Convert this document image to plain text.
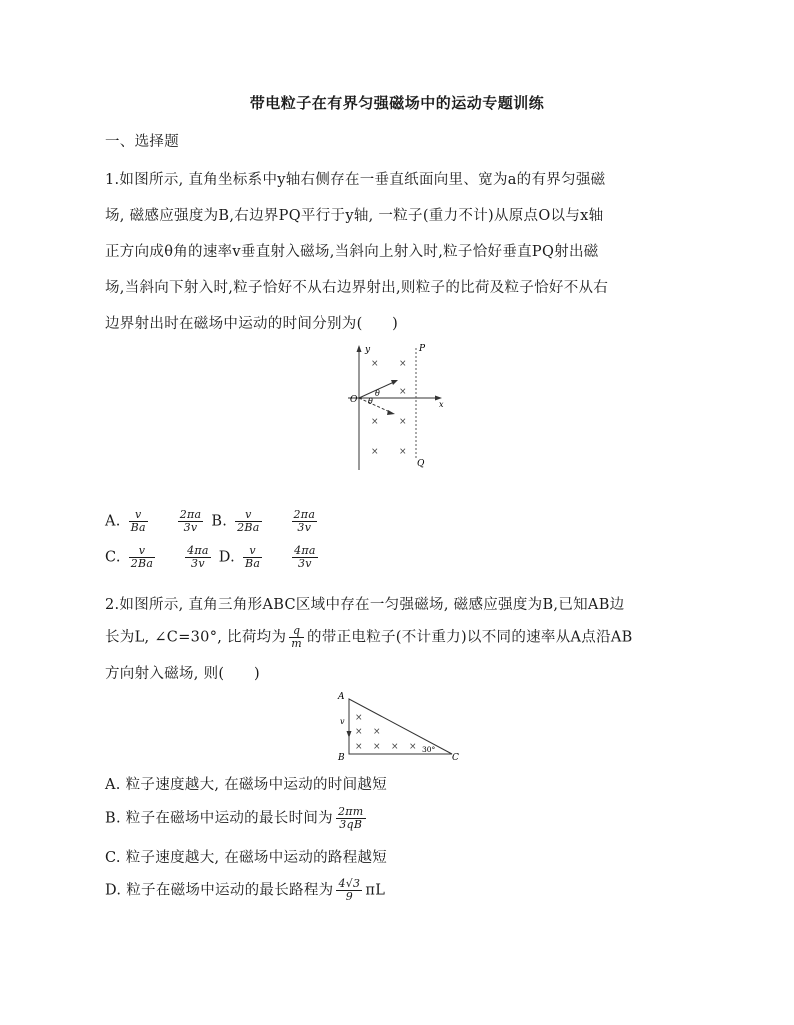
带电粒子在有界匀强磁场中的运动专题训练
一、选择题
1.如图所示, 直角坐标系中y轴右侧存在一垂直纸面向里、宽为a的有界匀强磁
场, 磁感应强度为B,右边界PQ平行于y轴, 一粒子(重力不计)从原点O以与x轴
正方向成θ角的速率v垂直射入磁场,当斜向上射入时,粒子恰好垂直PQ射出磁
场,当斜向下射入时,粒子恰好不从右边界射出,则粒子的比荷及粒子恰好不从右
边界射出时在磁场中运动的时间分别为(　　)
y	P
O	x
Q
θ
θ
× ×
×
× ×
× ×
A. $\frac{v}{Ba}$
	$\frac{2\pi a}{3v} B$. $\frac{v}{2Ba}$
	$\frac{2\pi a}{3v}$
C. $\frac{v}{2Ba}$
	$\frac{4\pi a}{3v} D$. $\frac{v}{Ba}$
	$\frac{4\pi a}{3v}$
2.如图所示, 直角三角形ABC区域中存在一匀强磁场, 磁感应强度为B,已知AB边
长为L, ∠C=30°, 比荷均为 $\frac{q}{m}$ 的带正电粒子(不计重力)以不同的速率从A点沿AB
方向射入磁场, 则(　　)
A
B	C
v
30°
×
× ×
× × × ×
A. 粒子速度越大, 在磁场中运动的时间越短
B. 粒子在磁场中运动的最长时间为 $\frac{2\pi m}{3qB}$
C. 粒子速度越大, 在磁场中运动的路程越短
D. 粒子在磁场中运动的最长路程为 $\frac{4√3}{9}$ πL
